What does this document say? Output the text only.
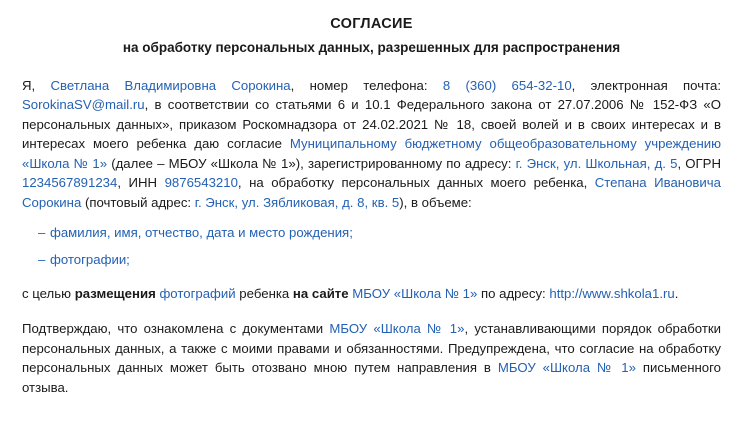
СОГЛАСИЕ
на обработку персональных данных, разрешенных для распространения

Я, Светлана Владимировна Сорокина, номер телефона: 8 (360) 654-32-10, электронная почта: SorokinaSV@mail.ru, в соответствии со статьями 6 и 10.1 Федерального закона от 27.07.2006 № 152-ФЗ «О персональных данных», приказом Роскомнадзора от 24.02.2021 № 18, своей волей и в своих интересах и в интересах моего ребенка даю согласие Муниципальному бюджетному общеобразовательному учреждению «Школа № 1» (далее – МБОУ «Школа № 1»), зарегистрированному по адресу: г. Энск, ул. Школьная, д. 5, ОГРН 1234567891234, ИНН 9876543210, на обработку персональных данных моего ребенка, Степана Ивановича Сорокина (почтовый адрес: г. Энск, ул. Зябликовая, д. 8, кв. 5), в объеме:

– фамилия, имя, отчество, дата и место рождения;
– фотографии;

с целью размещения фотографий ребенка на сайте МБОУ «Школа № 1» по адресу: http://www.shkola1.ru.

Подтверждаю, что ознакомлена с документами МБОУ «Школа № 1», устанавливающими порядок обработки персональных данных, а также с моими правами и обязанностями. Предупреждена, что согласие на обработку персональных данных может быть отозвано мною путем направления в МБОУ «Школа № 1» письменного отзыва.
